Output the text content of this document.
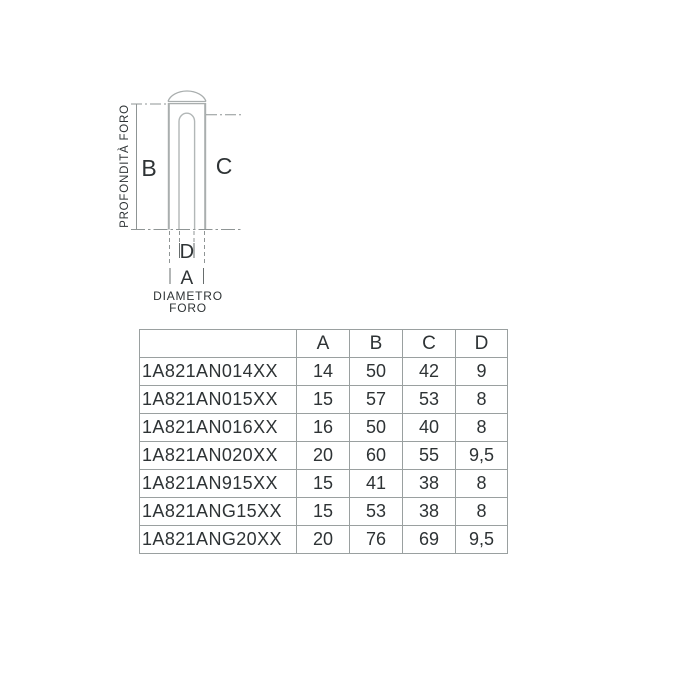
PROFONDITÀ FORO B	C
D
A
DIAMETRO
FORO
	A	B	C	D
1A821AN014XX	14	50	42	9
1A821AN015XX	15	57	53	8
1A821AN016XX	16	50	40	8
1A821AN020XX	20	60	55	9,5
1A821AN915XX	15	41	38	8
1A821ANG15XX	15	53	38	8
1A821ANG20XX	20	76	69	9,5
